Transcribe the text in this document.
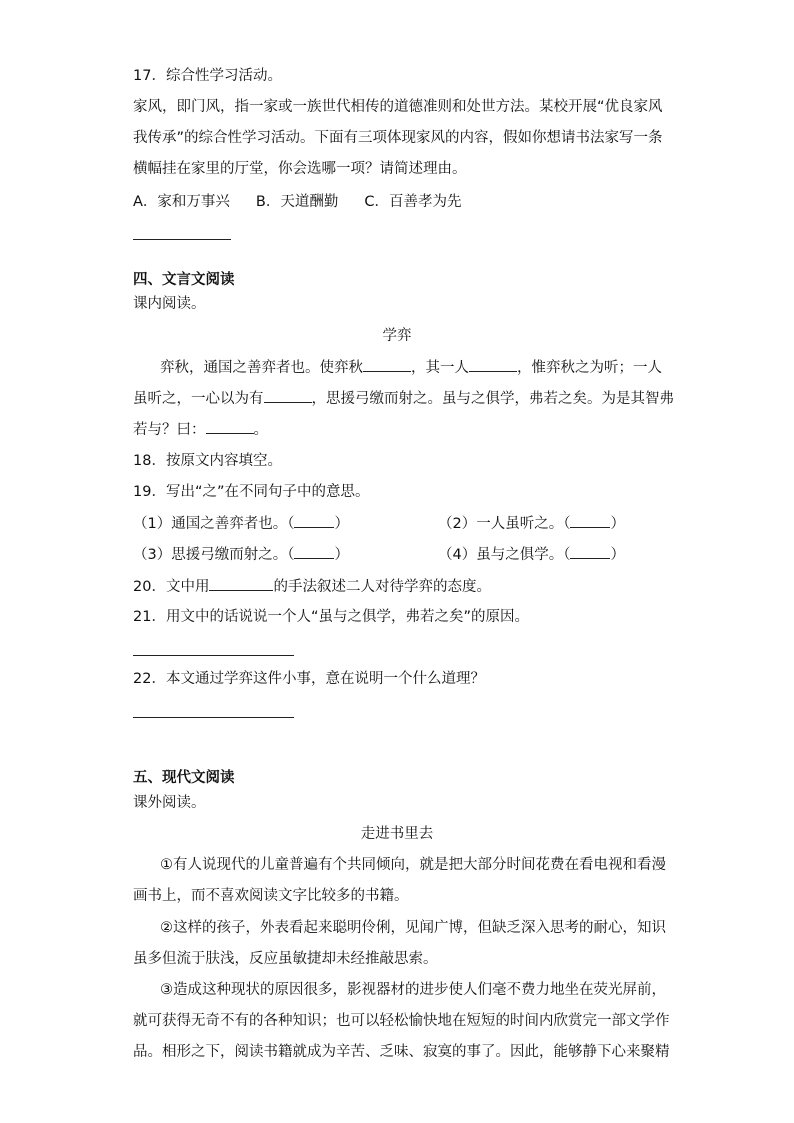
17．综合性学习活动。
家风，即门风，指一家或一族世代相传的道德准则和处世方法。某校开展“优良家风
我传承”的综合性学习活动。下面有三项体现家风的内容，假如你想请书法家写一条
横幅挂在家里的厅堂，你会选哪一项？请简述理由。
A．家和万事兴 B．天道酬勤 C．百善孝为先
四、文言文阅读
课内阅读。
学弈
弈秋，通国之善弈者也。使弈秋	，其一人	，惟弈秋之为听；一人
虽听之，一心以为有	，思援弓缴而射之。虽与之俱学，弗若之矣。为是其智弗
若与？曰：	。
18．按原文内容填空。
19．写出“之”在不同句子中的意思。
（1）通国之善弈者也。（	）	（2）一人虽听之。（	）
（3）思援弓缴而射之。（	）	（4）虽与之俱学。（	）
20．文中用	的手法叙述二人对待学弈的态度。
21．用文中的话说说一个人“虽与之俱学，弗若之矣”的原因。
22．本文通过学弈这件小事，意在说明一个什么道理？
五、现代文阅读
课外阅读。
走进书里去
①有人说现代的儿童普遍有个共同倾向，就是把大部分时间花费在看电视和看漫
画书上，而不喜欢阅读文字比较多的书籍。
②这样的孩子，外表看起来聪明伶俐，见闻广博，但缺乏深入思考的耐心，知识
虽多但流于肤浅，反应虽敏捷却未经推敲思索。
③造成这种现状的原因很多，影视器材的进步使人们毫不费力地坐在荧光屏前，
就可获得无奇不有的各种知识；也可以轻松愉快地在短短的时间内欣赏完一部文学作
品。相形之下，阅读书籍就成为辛苦、乏味、寂寞的事了。因此，能够静下心来聚精
